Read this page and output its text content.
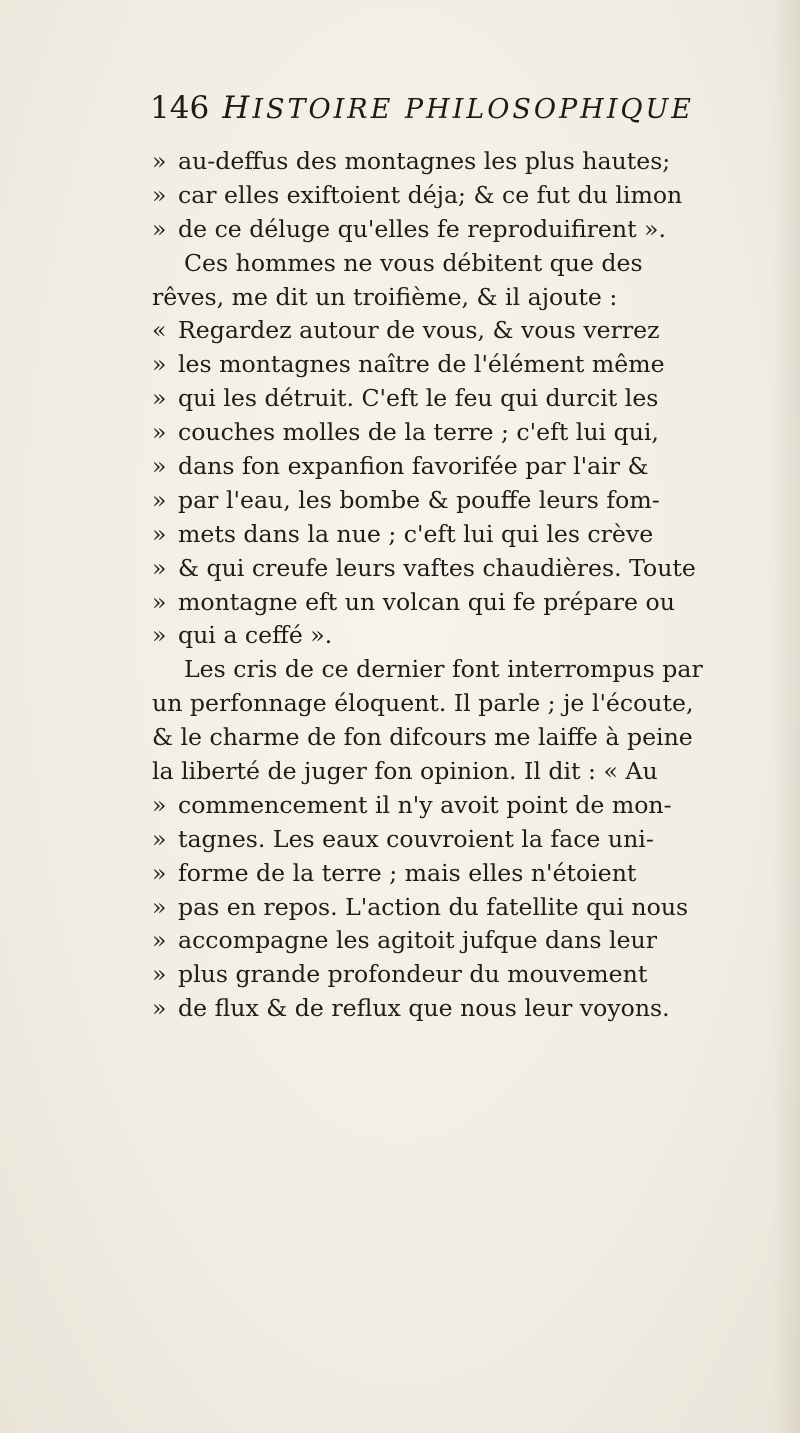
146 HISTOIRE PHILOSOPHIQUE
» au-deffus des montagnes les plus hautes;
» car elles exiftoient déja; & ce fut du limon
» de ce déluge qu'elles fe reproduifirent ».
Ces hommes ne vous débitent que des
rêves, me dit un troifième, & il ajoute :
« Regardez autour de vous, & vous verrez
» les montagnes naître de l'élément même
» qui les détruit. C'eft le feu qui durcit les
» couches molles de la terre ; c'eft lui qui,
» dans fon expanfion favorifée par l'air &
» par l'eau, les bombe & pouffe leurs fom-
» mets dans la nue ; c'eft lui qui les crève
» & qui creufe leurs vaftes chaudières. Toute
» montagne eft un volcan qui fe prépare ou
» qui a ceffé ».
Les cris de ce dernier font interrompus par
un perfonnage éloquent. Il parle ; je l'écoute,
& le charme de fon difcours me laiffe à peine
la liberté de juger fon opinion. Il dit : « Au
» commencement il n'y avoit point de mon-
» tagnes. Les eaux couvroient la face uni-
» forme de la terre ; mais elles n'étoient
» pas en repos. L'action du fatellite qui nous
» accompagne les agitoit jufque dans leur
» plus grande profondeur du mouvement
» de flux & de reflux que nous leur voyons.
